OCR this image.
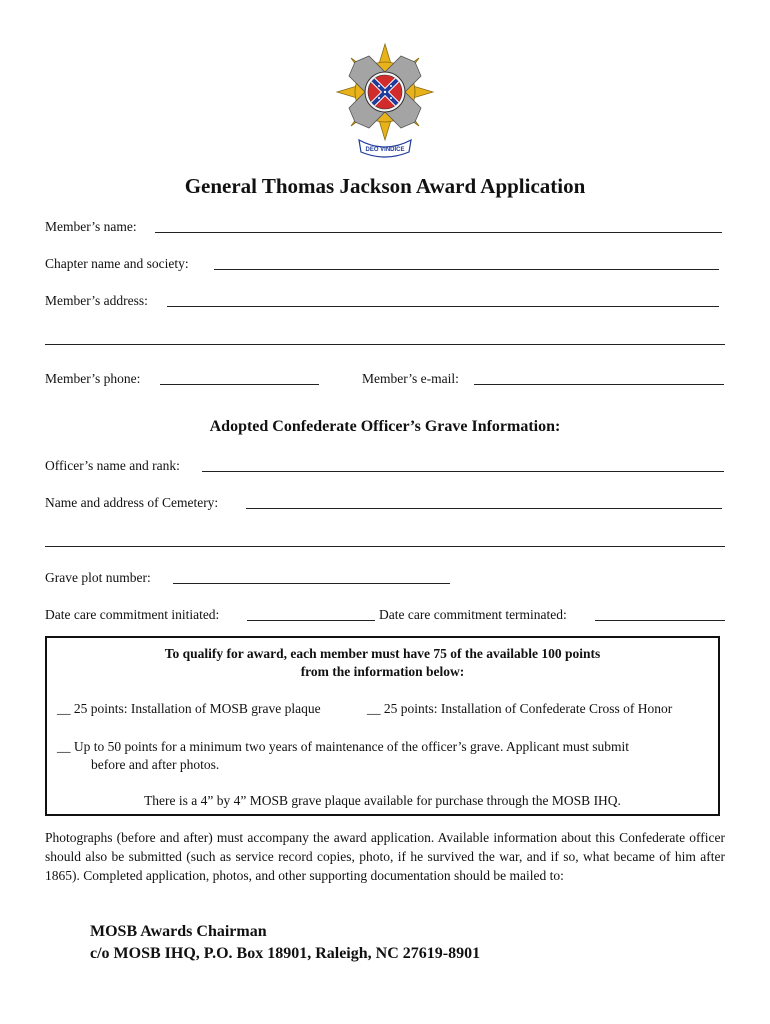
DEO VINDICE
General Thomas Jackson Award Application
Member’s name:
Chapter name and society:
Member’s address:
Member’s phone:	Member’s e-mail:
Adopted Confederate Officer’s Grave Information:
Officer’s name and rank:
Name and address of Cemetery:
Grave plot number:
Date care commitment initiated:	Date care commitment terminated:
To qualify for award, each member must have 75 of the available 100 points
from the information below:
__ 25 points: Installation of MOSB grave plaque	__ 25 points: Installation of Confederate Cross of Honor
__ Up to 50 points for a minimum two years of maintenance of the officer’s grave. Applicant must submit
before and after photos.
There is a 4” by 4” MOSB grave plaque available for purchase through the MOSB IHQ.
Photographs (before and after) must accompany the award application. Available information about this Confederate officer should also be submitted (such as service record copies, photo, if he survived the war, and if so, what became of him after 1865). Completed application, photos, and other supporting documentation should be mailed to:
MOSB Awards Chairman
c/o MOSB IHQ, P.O. Box 18901, Raleigh, NC 27619-8901
